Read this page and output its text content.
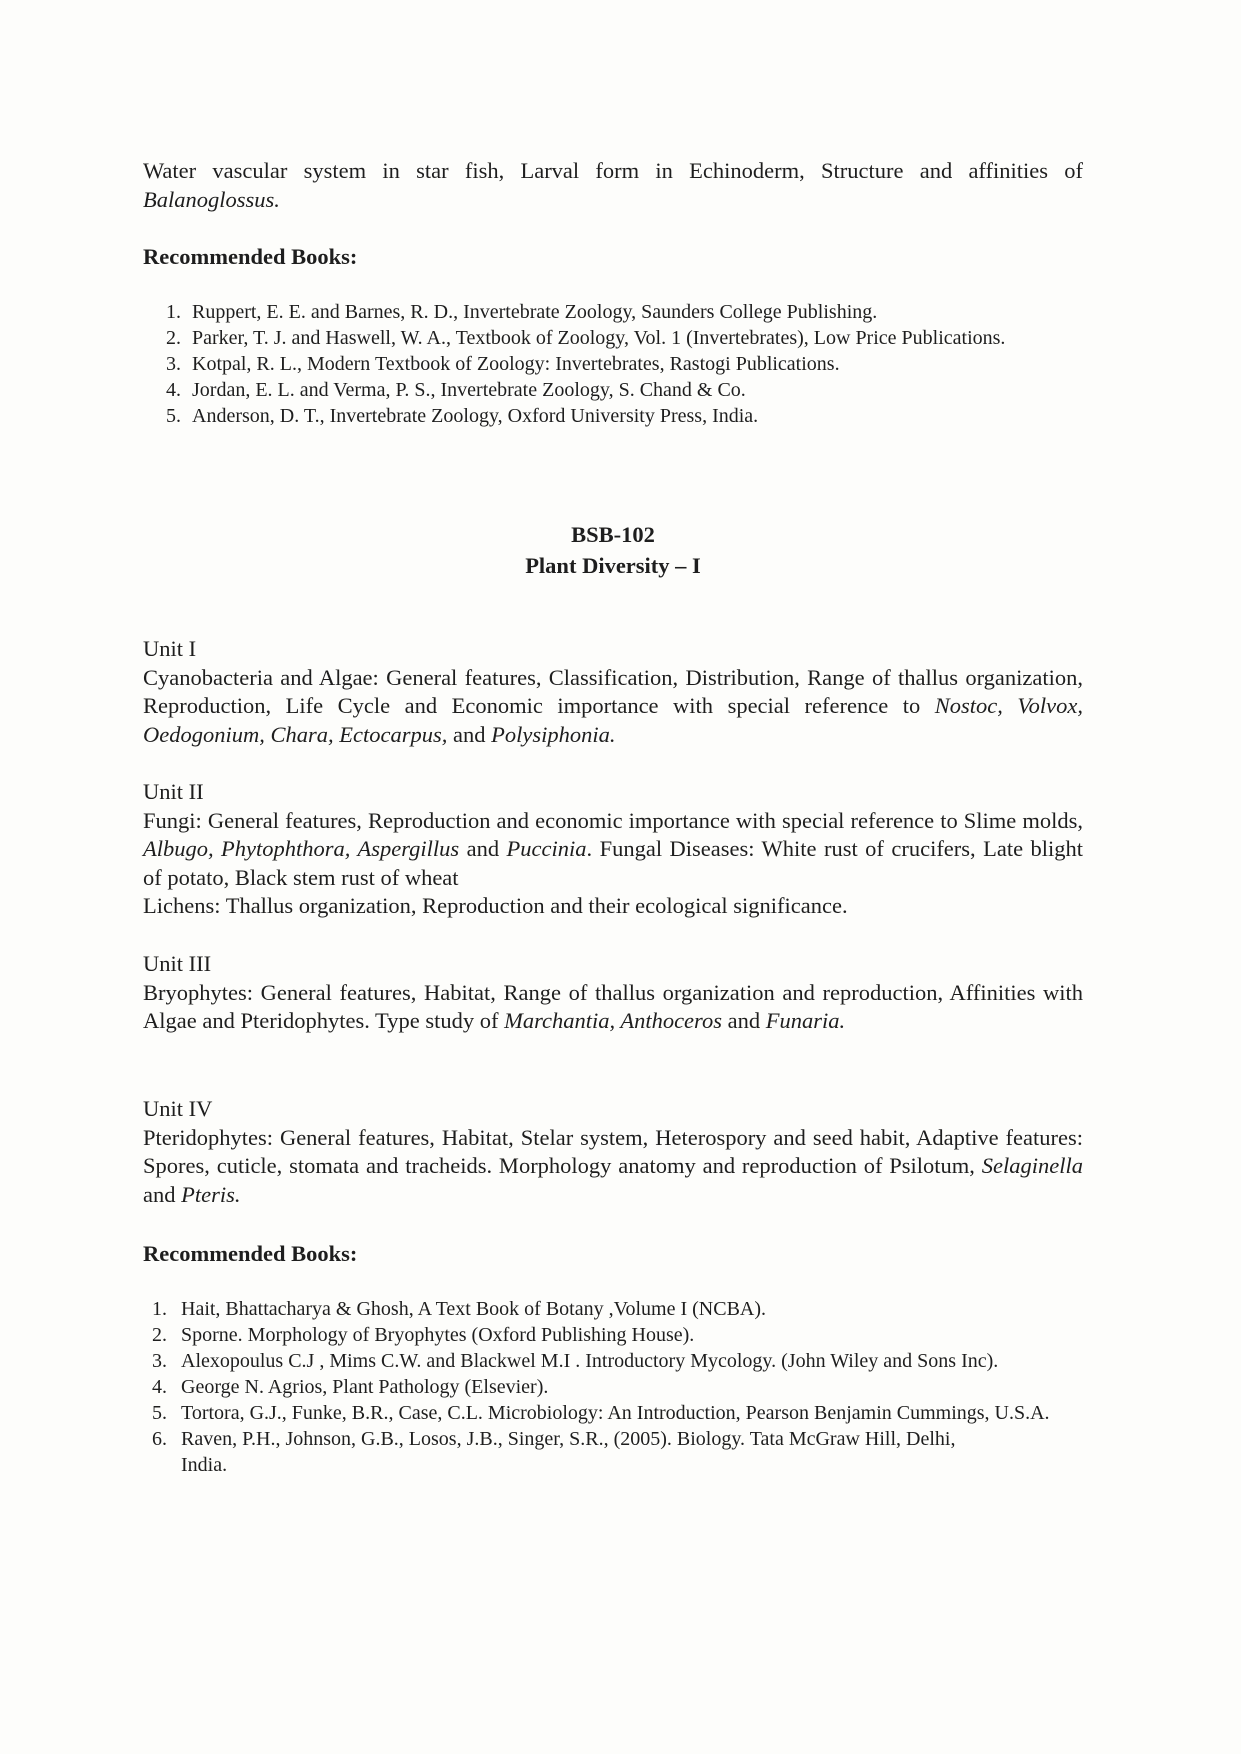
Water vascular system in star fish, Larval form in Echinoderm, Structure and affinities of Balanoglossus.

Recommended Books:

1. Ruppert, E. E. and Barnes, R. D., Invertebrate Zoology, Saunders College Publishing.
2. Parker, T. J. and Haswell, W. A., Textbook of Zoology, Vol. 1 (Invertebrates), Low Price Publications.
3. Kotpal, R. L., Modern Textbook of Zoology: Invertebrates, Rastogi Publications.
4. Jordan, E. L. and Verma, P. S., Invertebrate Zoology, S. Chand & Co.
5. Anderson, D. T., Invertebrate Zoology, Oxford University Press, India.

BSB-102

Plant Diversity – I

Unit I

Cyanobacteria and Algae: General features, Classification, Distribution, Range of thallus organization, Reproduction, Life Cycle and Economic importance with special reference to Nostoc, Volvox, Oedogonium, Chara, Ectocarpus, and Polysiphonia.

Unit II

Fungi: General features, Reproduction and economic importance with special reference to Slime molds, Albugo, Phytophthora, Aspergillus and Puccinia. Fungal Diseases: White rust of crucifers, Late blight of potato, Black stem rust of wheat

Lichens: Thallus organization, Reproduction and their ecological significance.

Unit III

Bryophytes: General features, Habitat, Range of thallus organization and reproduction, Affinities with Algae and Pteridophytes. Type study of Marchantia, Anthoceros and Funaria.

Unit IV

Pteridophytes: General features, Habitat, Stelar system, Heterospory and seed habit, Adaptive features: Spores, cuticle, stomata and tracheids. Morphology anatomy and reproduction of Psilotum, Selaginella and Pteris.

Recommended Books:

1. Hait, Bhattacharya & Ghosh, A Text Book of Botany ,Volume I (NCBA).
2. Sporne. Morphology of Bryophytes (Oxford Publishing House).
3. Alexopoulus C.J , Mims C.W. and Blackwel M.I . Introductory Mycology. (John Wiley and Sons Inc).
4. George N. Agrios, Plant Pathology (Elsevier).
5. Tortora, G.J., Funke, B.R., Case, C.L. Microbiology: An Introduction, Pearson Benjamin Cummings, U.S.A.
6. Raven, P.H., Johnson, G.B., Losos, J.B., Singer, S.R., (2005). Biology. Tata McGraw Hill, Delhi, India.
